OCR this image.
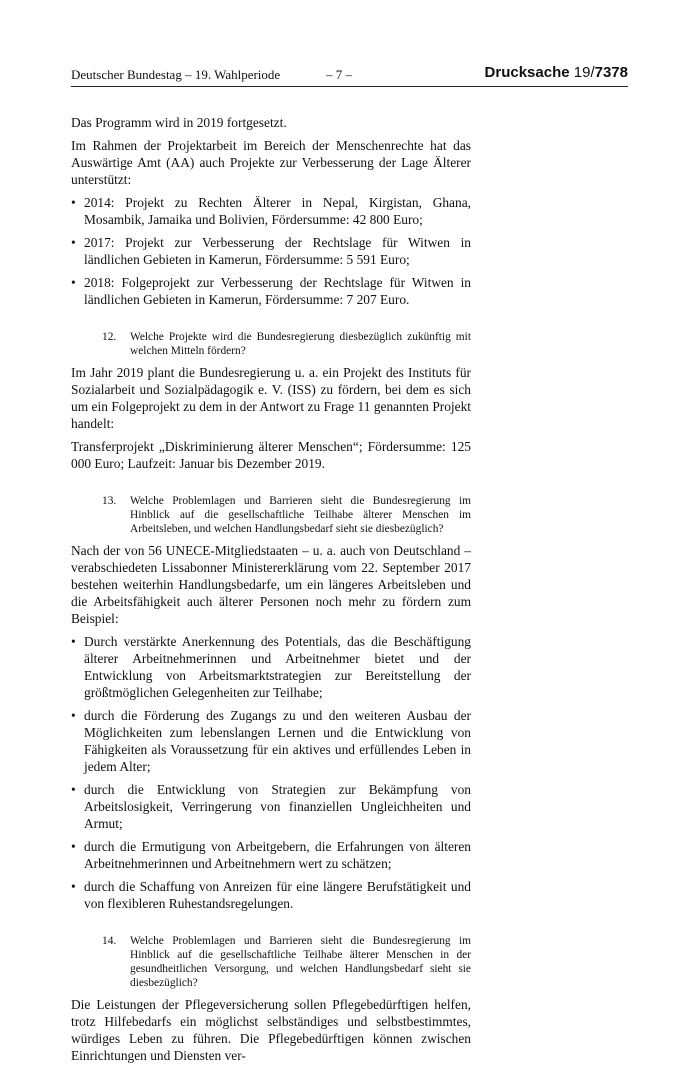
Deutscher Bundestag – 19. Wahlperiode	– 7 –	Drucksache 19/7378

Das Programm wird in 2019 fortgesetzt.

Im Rahmen der Projektarbeit im Bereich der Menschenrechte hat das Auswärtige Amt (AA) auch Projekte zur Verbesserung der Lage Älterer unterstützt:

• 2014: Projekt zu Rechten Älterer in Nepal, Kirgistan, Ghana, Mosambik, Jamaika und Bolivien, Fördersumme: 42 800 Euro;
• 2017: Projekt zur Verbesserung der Rechtslage für Witwen in ländlichen Gebieten in Kamerun, Fördersumme: 5 591 Euro;
• 2018: Folgeprojekt zur Verbesserung der Rechtslage für Witwen in ländlichen Gebieten in Kamerun, Fördersumme: 7 207 Euro.
12. Welche Projekte wird die Bundesregierung diesbezüglich zukünftig mit welchen Mitteln fördern?

Im Jahr 2019 plant die Bundesregierung u. a. ein Projekt des Instituts für Sozialarbeit und Sozialpädagogik e. V. (ISS) zu fördern, bei dem es sich um ein Folgeprojekt zu dem in der Antwort zu Frage 11 genannten Projekt handelt:

Transferprojekt „Diskriminierung älterer Menschen“; Fördersumme: 125 000 Euro; Laufzeit: Januar bis Dezember 2019.

13. Welche Problemlagen und Barrieren sieht die Bundesregierung im Hinblick auf die gesellschaftliche Teilhabe älterer Menschen im Arbeitsleben, und welchen Handlungsbedarf sieht sie diesbezüglich?

Nach der von 56 UNECE-Mitgliedstaaten – u. a. auch von Deutschland – verabschiedeten Lissabonner Ministererklärung vom 22. September 2017 bestehen weiterhin Handlungsbedarfe, um ein längeres Arbeitsleben und die Arbeitsfähigkeit auch älterer Personen noch mehr zu fördern zum Beispiel:

• Durch verstärkte Anerkennung des Potentials, das die Beschäftigung älterer Arbeitnehmerinnen und Arbeitnehmer bietet und der Entwicklung von Arbeitsmarktstrategien zur Bereitstellung der größtmöglichen Gelegenheiten zur Teilhabe;
• durch die Förderung des Zugangs zu und den weiteren Ausbau der Möglichkeiten zum lebenslangen Lernen und die Entwicklung von Fähigkeiten als Voraussetzung für ein aktives und erfüllendes Leben in jedem Alter;
• durch die Entwicklung von Strategien zur Bekämpfung von Arbeitslosigkeit, Verringerung von finanziellen Ungleichheiten und Armut;
• durch die Ermutigung von Arbeitgebern, die Erfahrungen von älteren Arbeitnehmerinnen und Arbeitnehmern wert zu schätzen;
• durch die Schaffung von Anreizen für eine längere Berufstätigkeit und von flexibleren Ruhestandsregelungen.
14. Welche Problemlagen und Barrieren sieht die Bundesregierung im Hinblick auf die gesellschaftliche Teilhabe älterer Menschen in der gesundheitlichen Versorgung, und welchen Handlungsbedarf sieht sie diesbezüglich?

Die Leistungen der Pflegeversicherung sollen Pflegebedürftigen helfen, trotz Hilfebedarfs ein möglichst selbständiges und selbstbestimmtes, würdiges Leben zu führen. Die Pflegebedürftigen können zwischen Einrichtungen und Diensten ver-
